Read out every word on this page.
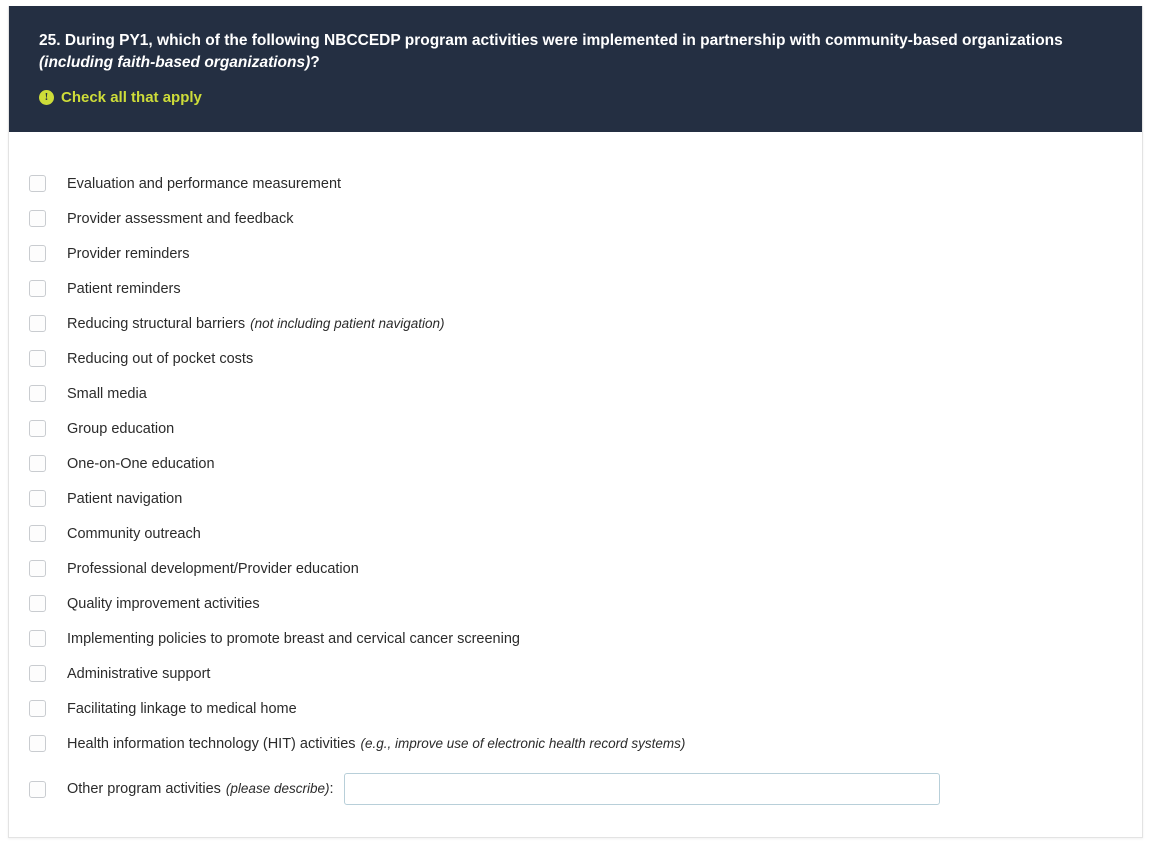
25. During PY1, which of the following NBCCEDP program activities were implemented in partnership with community-based organizations (including faith-based organizations)?

! Check all that apply
Evaluation and performance measurement
Provider assessment and feedback
Provider reminders
Patient reminders
Reducing structural barriers (not including patient navigation)
Reducing out of pocket costs
Small media
Group education
One-on-One education
Patient navigation
Community outreach
Professional development/Provider education
Quality improvement activities
Implementing policies to promote breast and cervical cancer screening
Administrative support
Facilitating linkage to medical home
Health information technology (HIT) activities (e.g., improve use of electronic health record systems)
Other program activities (please describe):
